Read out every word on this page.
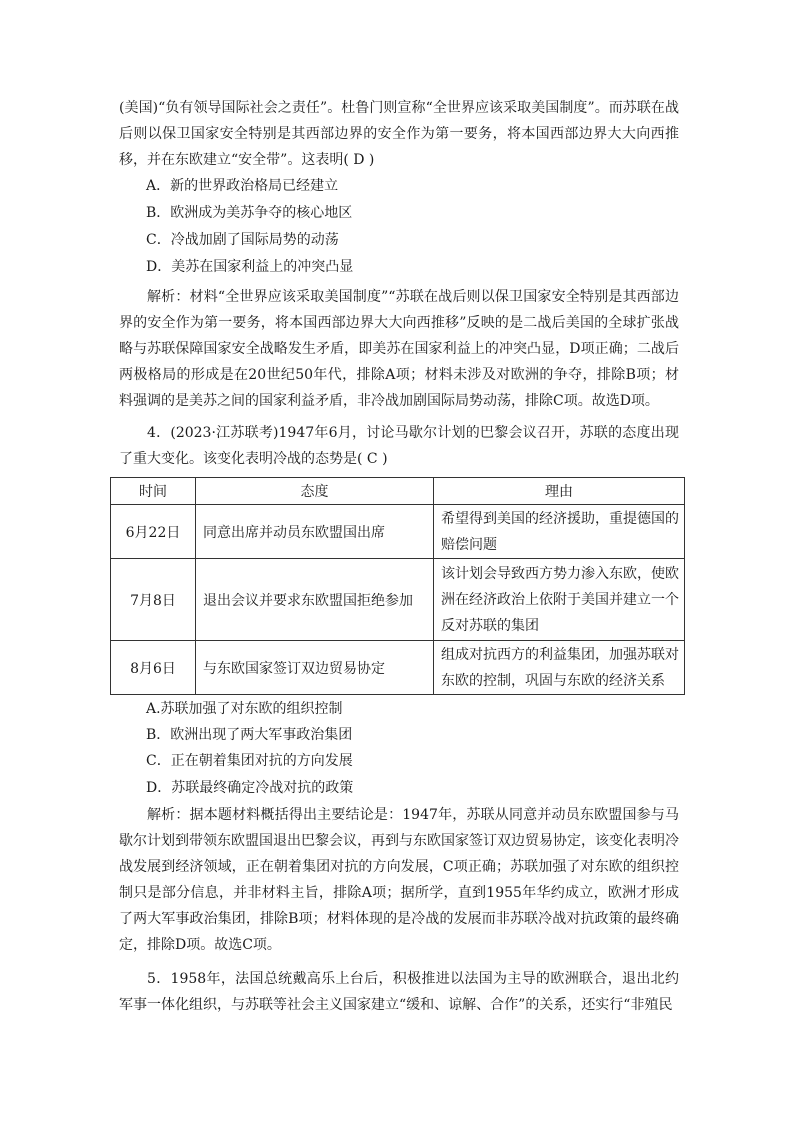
(美国)“负有领导国际社会之责任”。杜鲁门则宣称“全世界应该采取美国制度”。而苏联在战后则以保卫国家安全特别是其西部边界的安全作为第一要务，将本国西部边界大大向西推移，并在东欧建立“安全带”。这表明( D )

A．新的世界政治格局已经建立

B．欧洲成为美苏争夺的核心地区

C．冷战加剧了国际局势的动荡

D．美苏在国家利益上的冲突凸显

解析：材料“全世界应该采取美国制度”“苏联在战后则以保卫国家安全特别是其西部边界的安全作为第一要务，将本国西部边界大大向西推移”反映的是二战后美国的全球扩张战略与苏联保障国家安全战略发生矛盾，即美苏在国家利益上的冲突凸显，D项正确；二战后两极格局的形成是在20世纪50年代，排除A项；材料未涉及对欧洲的争夺，排除B项；材料强调的是美苏之间的国家利益矛盾，非冷战加剧国际局势动荡，排除C项。故选D项。

4．(2023·江苏联考)1947年6月，讨论马歇尔计划的巴黎会议召开，苏联的态度出现了重大变化。该变化表明冷战的态势是( C )

时间	态度	理由
6月22日	同意出席并动员东欧盟国出席	希望得到美国的经济援助，重提德国的赔偿问题
7月8日	退出会议并要求东欧盟国拒绝参加	该计划会导致西方势力渗入东欧，使欧洲在经济政治上依附于美国并建立一个反对苏联的集团
8月6日	与东欧国家签订双边贸易协定	组成对抗西方的利益集团，加强苏联对东欧的控制，巩固与东欧的经济关系

A.苏联加强了对东欧的组织控制

B．欧洲出现了两大军事政治集团

C．正在朝着集团对抗的方向发展

D．苏联最终确定冷战对抗的政策

解析：据本题材料概括得出主要结论是：1947年，苏联从同意并动员东欧盟国参与马歇尔计划到带领东欧盟国退出巴黎会议，再到与东欧国家签订双边贸易协定，该变化表明冷战发展到经济领域，正在朝着集团对抗的方向发展，C项正确；苏联加强了对东欧的组织控制只是部分信息，并非材料主旨，排除A项；据所学，直到1955年华约成立，欧洲才形成了两大军事政治集团，排除B项；材料体现的是冷战的发展而非苏联冷战对抗政策的最终确定，排除D项。故选C项。

5．1958年，法国总统戴高乐上台后，积极推进以法国为主导的欧洲联合，退出北约军事一体化组织，与苏联等社会主义国家建立“缓和、谅解、合作”的关系，还实行“非殖民
